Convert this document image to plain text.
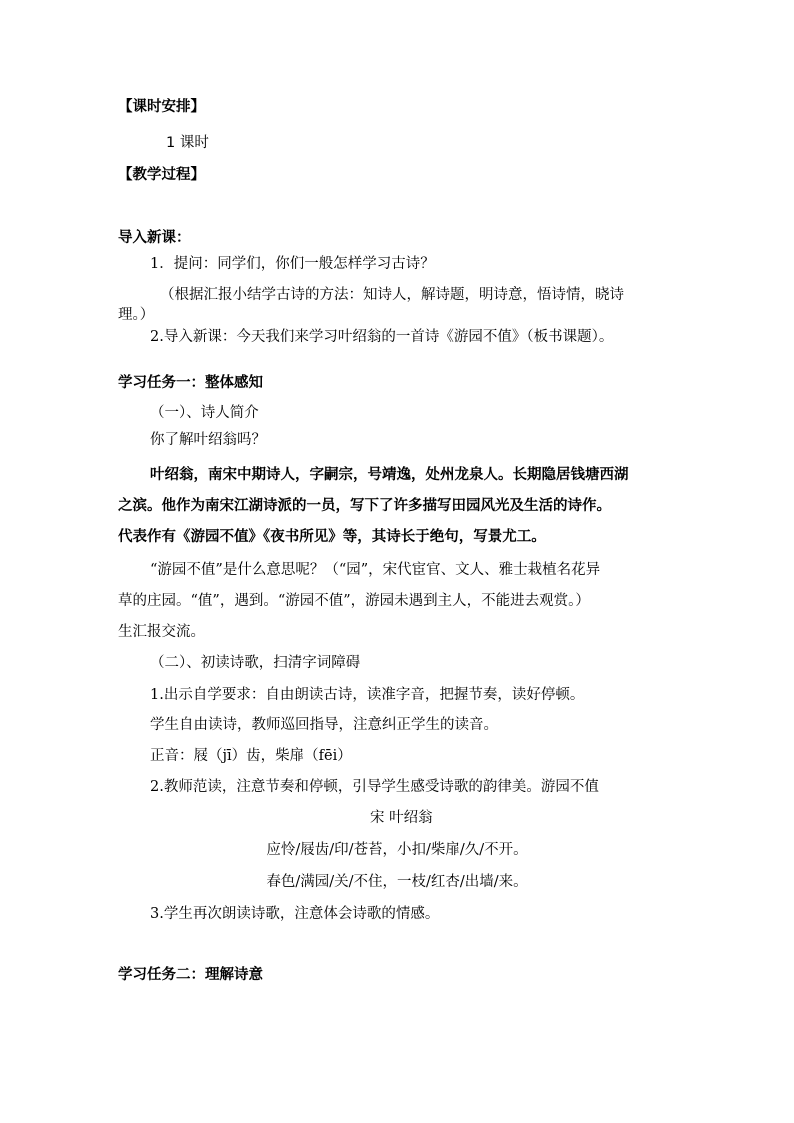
【课时安排】
1 课时
【教学过程】
导入新课：
1．提问：同学们，你们一般怎样学习古诗？
（根据汇报小结学古诗的方法：知诗人，解诗题，明诗意，悟诗情，晓诗
理。）
2.导入新课：今天我们来学习叶绍翁的一首诗《游园不值》（板书课题）。
学习任务一：整体感知
（一）、诗人简介
你了解叶绍翁吗？
叶绍翁，南宋中期诗人，字嗣宗，号靖逸，处州龙泉人。长期隐居钱塘西湖
之滨。他作为南宋江湖诗派的一员，写下了许多描写田园风光及生活的诗作。
代表作有《游园不值》《夜书所见》等，其诗长于绝句，写景尤工。
“游园不值”是什么意思呢？（“园”，宋代宦官、文人、雅士栽植名花异
草的庄园。“值”，遇到。“游园不值”，游园未遇到主人，不能进去观赏。）
生汇报交流。
（二）、初读诗歌，扫清字词障碍
1.出示自学要求：自由朗读古诗，读准字音，把握节奏，读好停顿。
学生自由读诗，教师巡回指导，注意纠正学生的读音。
正音：屐（jī）齿，柴扉（fēi）
2.教师范读，注意节奏和停顿，引导学生感受诗歌的韵律美。游园不值
宋 叶绍翁
应怜/屐齿/印/苍苔，小扣/柴扉/久/不开。
春色/满园/关/不住，一枝/红杏/出墙/来。
3.学生再次朗读诗歌，注意体会诗歌的情感。
学习任务二：理解诗意
